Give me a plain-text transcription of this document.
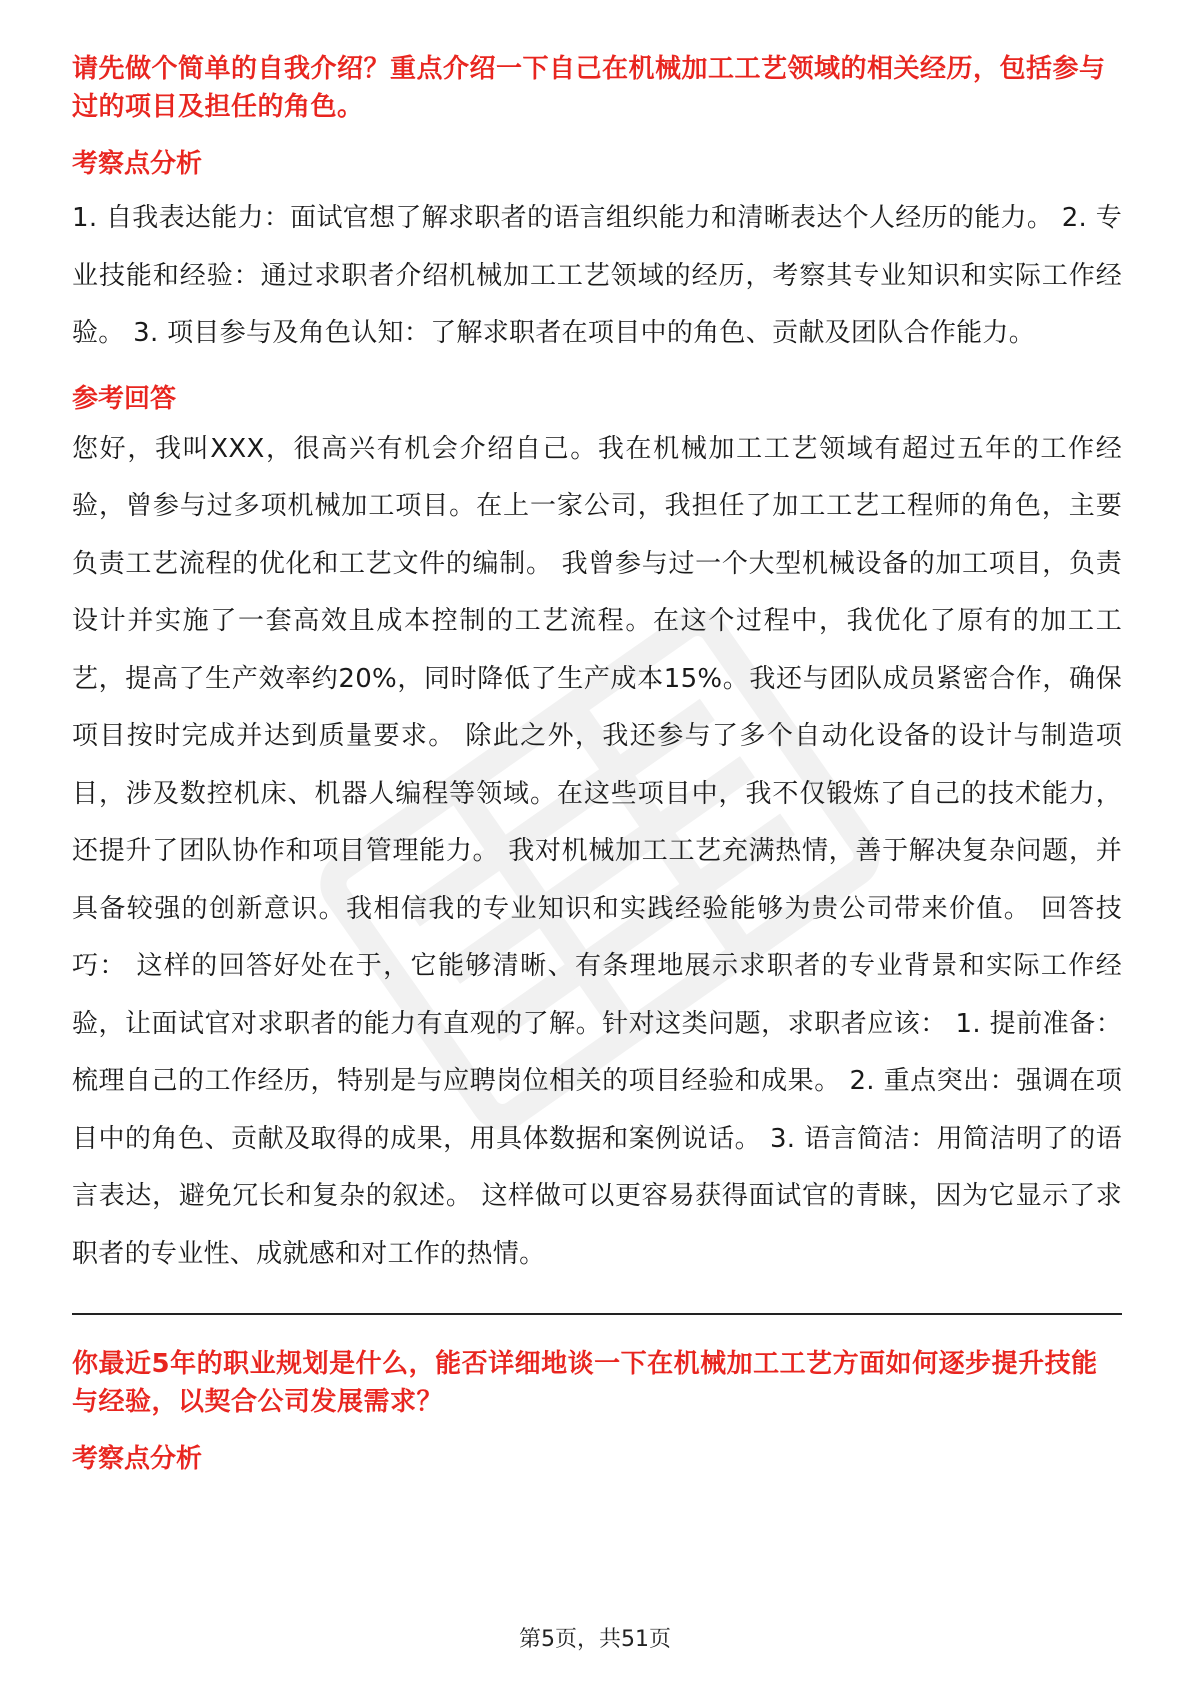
请先做个简单的自我介绍？重点介绍一下自己在机械加工工艺领域的相关经历，包括参与过的项目及担任的角色。

考察点分析

1. 自我表达能力：面试官想了解求职者的语言组织能力和清晰表达个人经历的能力。 2. 专业技能和经验：通过求职者介绍机械加工工艺领域的经历，考察其专业知识和实际工作经验。 3. 项目参与及角色认知：了解求职者在项目中的角色、贡献及团队合作能力。

参考回答

您好，我叫XXX，很高兴有机会介绍自己。我在机械加工工艺领域有超过五年的工作经验，曾参与过多项机械加工项目。在上一家公司，我担任了加工工艺工程师的角色，主要负责工艺流程的优化和工艺文件的编制。 我曾参与过一个大型机械设备的加工项目，负责设计并实施了一套高效且成本控制的工艺流程。在这个过程中，我优化了原有的加工工艺，提高了生产效率约20%，同时降低了生产成本15%。我还与团队成员紧密合作，确保项目按时完成并达到质量要求。 除此之外，我还参与了多个自动化设备的设计与制造项目，涉及数控机床、机器人编程等领域。在这些项目中，我不仅锻炼了自己的技术能力，还提升了团队协作和项目管理能力。 我对机械加工工艺充满热情，善于解决复杂问题，并具备较强的创新意识。我相信我的专业知识和实践经验能够为贵公司带来价值。 回答技巧： 这样的回答好处在于，它能够清晰、有条理地展示求职者的专业背景和实际工作经验，让面试官对求职者的能力有直观的了解。针对这类问题，求职者应该： 1. 提前准备：梳理自己的工作经历，特别是与应聘岗位相关的项目经验和成果。 2. 重点突出：强调在项目中的角色、贡献及取得的成果，用具体数据和案例说话。 3. 语言简洁：用简洁明了的语言表达，避免冗长和复杂的叙述。 这样做可以更容易获得面试官的青睐，因为它显示了求职者的专业性、成就感和对工作的热情。

你最近5年的职业规划是什么，能否详细地谈一下在机械加工工艺方面如何逐步提升技能与经验，以契合公司发展需求？

考察点分析

第5页，共51页
